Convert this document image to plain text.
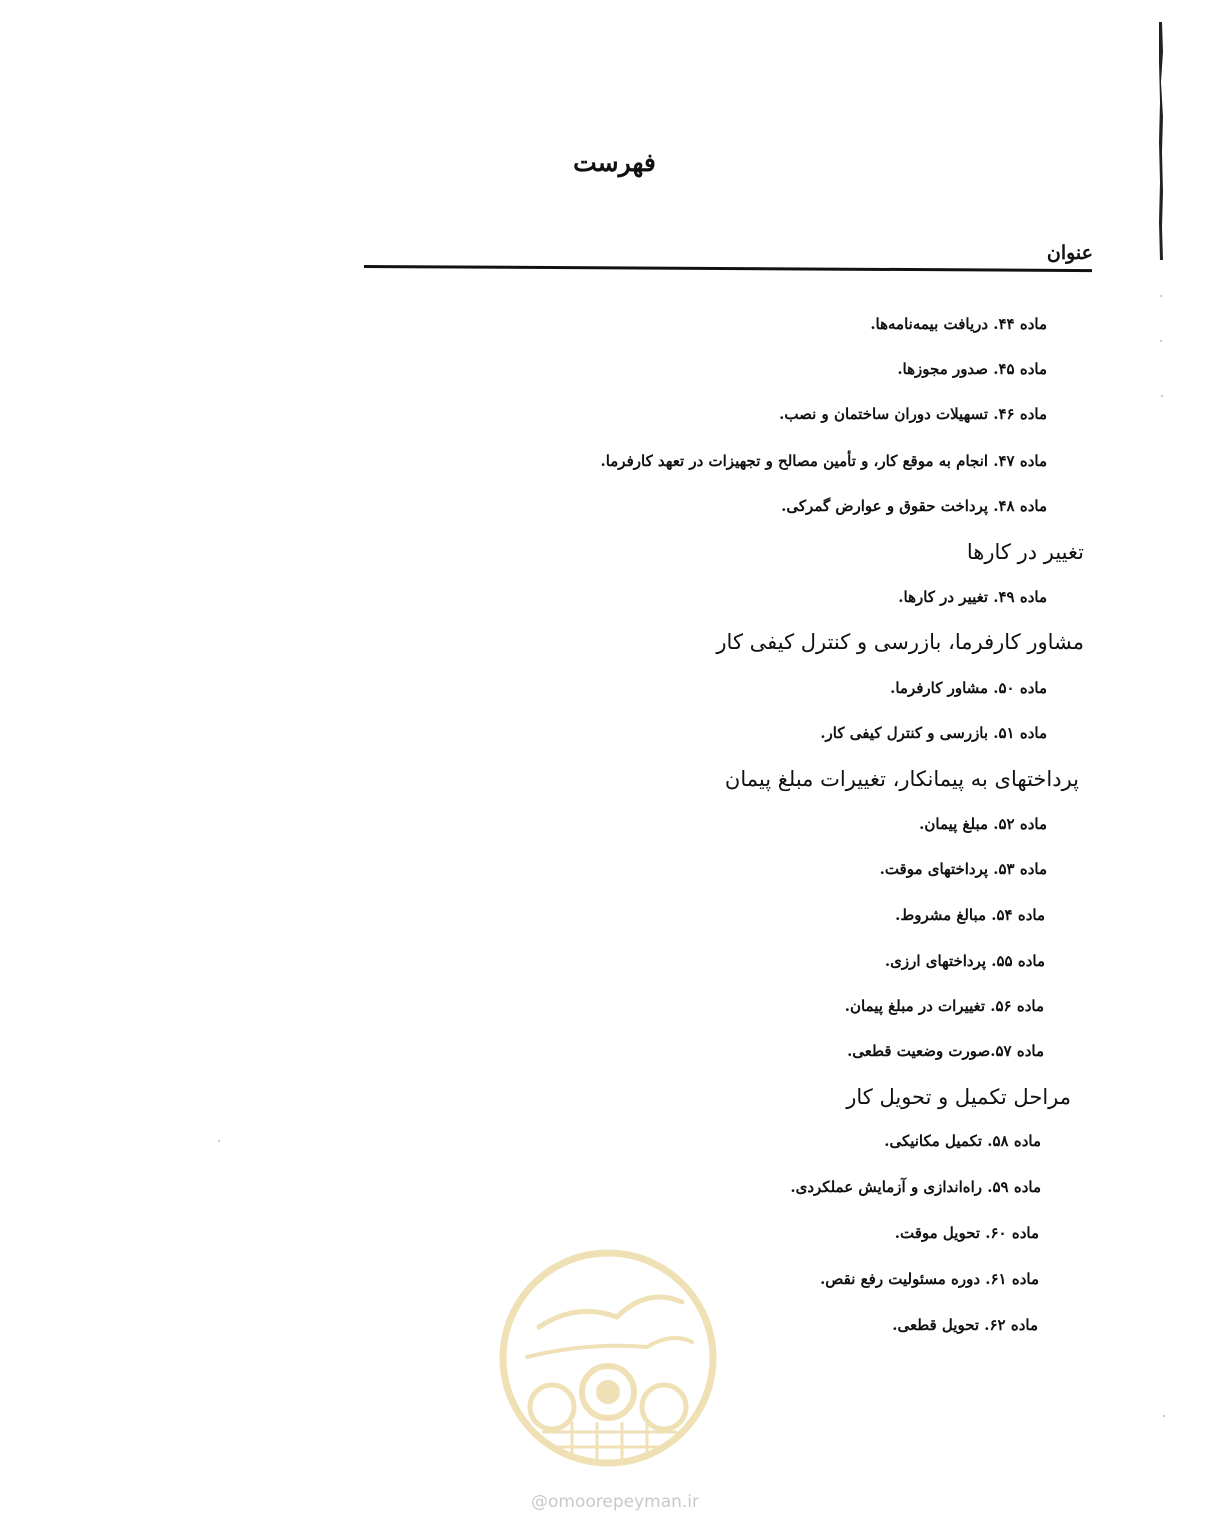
فهرست
عنوان
ماده ۴۴. دریافت بیمه‌نامه‌ها.
ماده ۴۵. صدور مجوزها.
ماده ۴۶. تسهیلات دوران ساختمان و نصب.
ماده ۴۷. انجام به موقع کار، و تأمین مصالح و تجهیزات در تعهد کارفرما.
ماده ۴۸. پرداخت حقوق و عوارض گمرکی.
تغییر در کارها
ماده ۴۹. تغییر در کارها.
مشاور کارفرما، بازرسی و کنترل کیفی کار
ماده ۵۰. مشاور کارفرما.
ماده ۵۱. بازرسی و کنترل کیفی کار.
پرداختهای به پیمانکار، تغییرات مبلغ پیمان
ماده ۵۲. مبلغ پیمان.
ماده ۵۳. پرداختهای موقت.
ماده ۵۴. مبالغ مشروط.
ماده ۵۵. پرداختهای ارزی.
ماده ۵۶. تغییرات در مبلغ پیمان.
ماده ۵۷.صورت وضعیت قطعی.
مراحل تکمیل و تحویل کار
ماده ۵۸. تکمیل مکانیکی.
ماده ۵۹. راه‌اندازی و آزمایش عملکردی.
ماده ۶۰. تحویل موقت.
ماده ۶۱. دوره مسئولیت رفع نقص.
ماده ۶۲. تحویل قطعی.
@omoorepeyman.ir
